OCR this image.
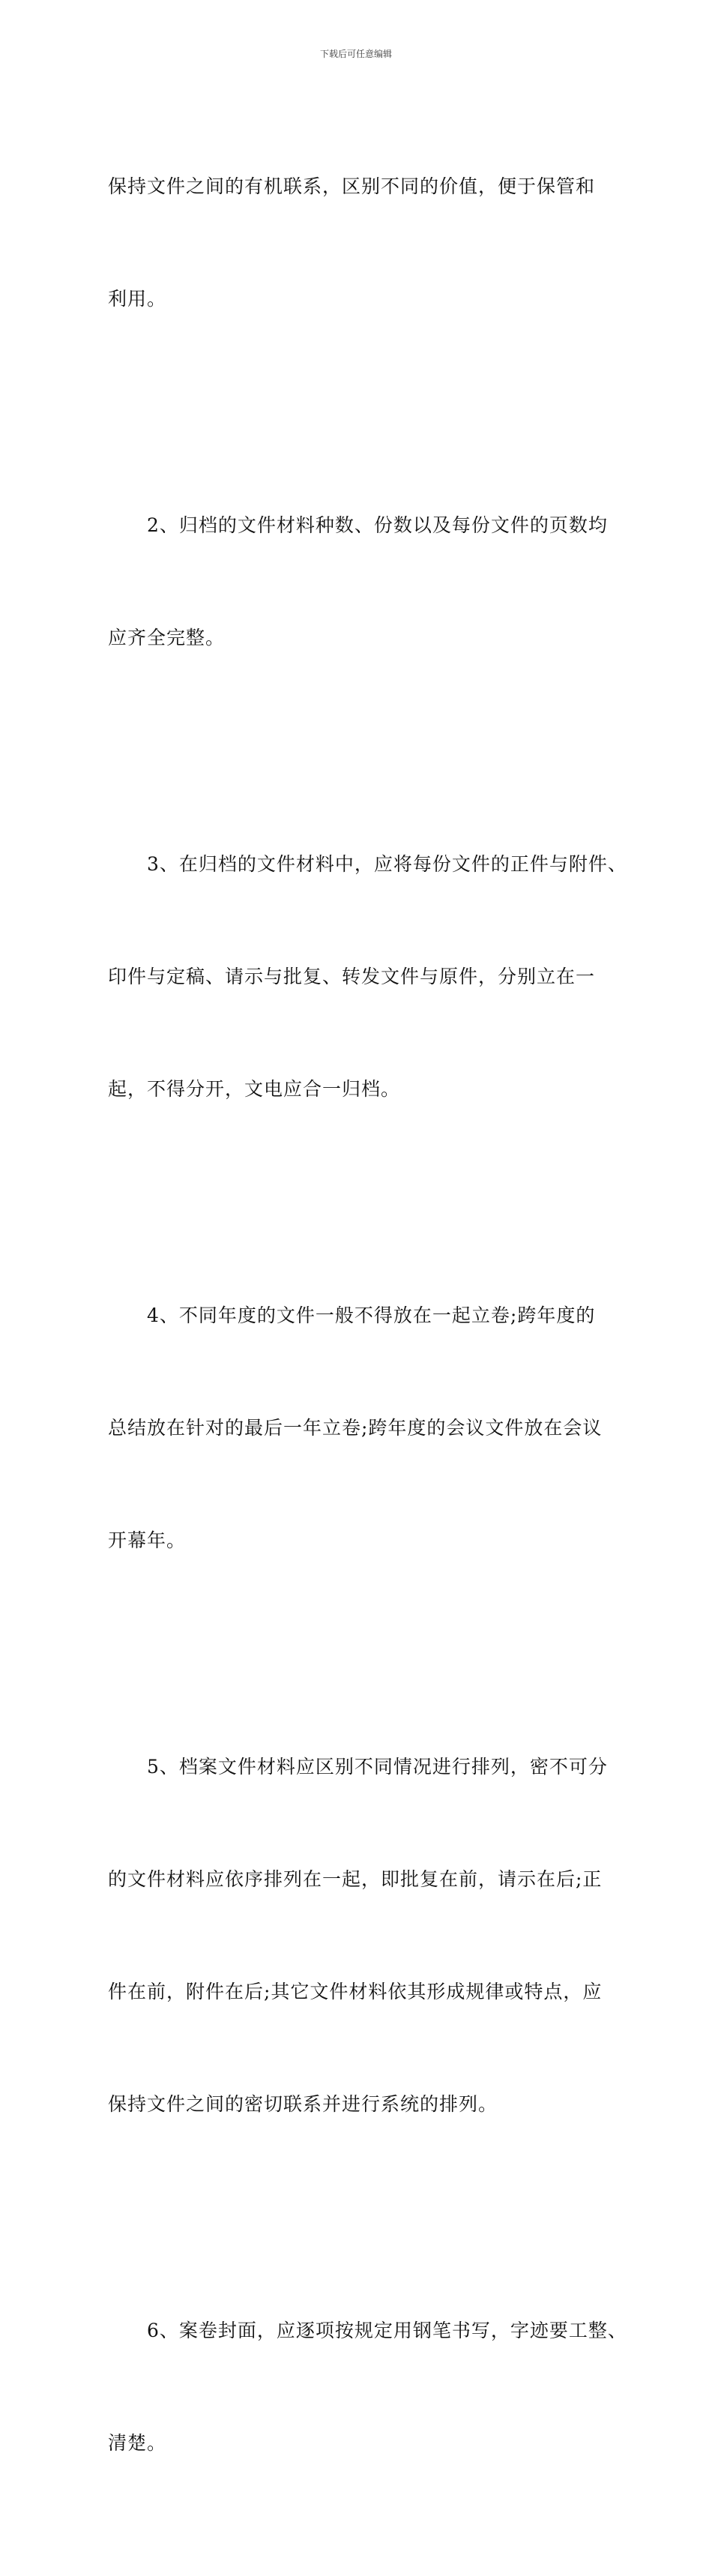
下载后可任意编辑

保持文件之间的有机联系，区别不同的价值，便于保管和

利用。

2、归档的文件材料种数、份数以及每份文件的页数均

应齐全完整。

3、在归档的文件材料中，应将每份文件的正件与附件、

印件与定稿、请示与批复、转发文件与原件，分别立在一

起，不得分开，文电应合一归档。

4、不同年度的文件一般不得放在一起立卷;跨年度的

总结放在针对的最后一年立卷;跨年度的会议文件放在会议

开幕年。

5、档案文件材料应区别不同情况进行排列，密不可分

的文件材料应依序排列在一起，即批复在前，请示在后;正

件在前，附件在后;其它文件材料依其形成规律或特点，应

保持文件之间的密切联系并进行系统的排列。

6、案卷封面，应逐项按规定用钢笔书写，字迹要工整、

清楚。
